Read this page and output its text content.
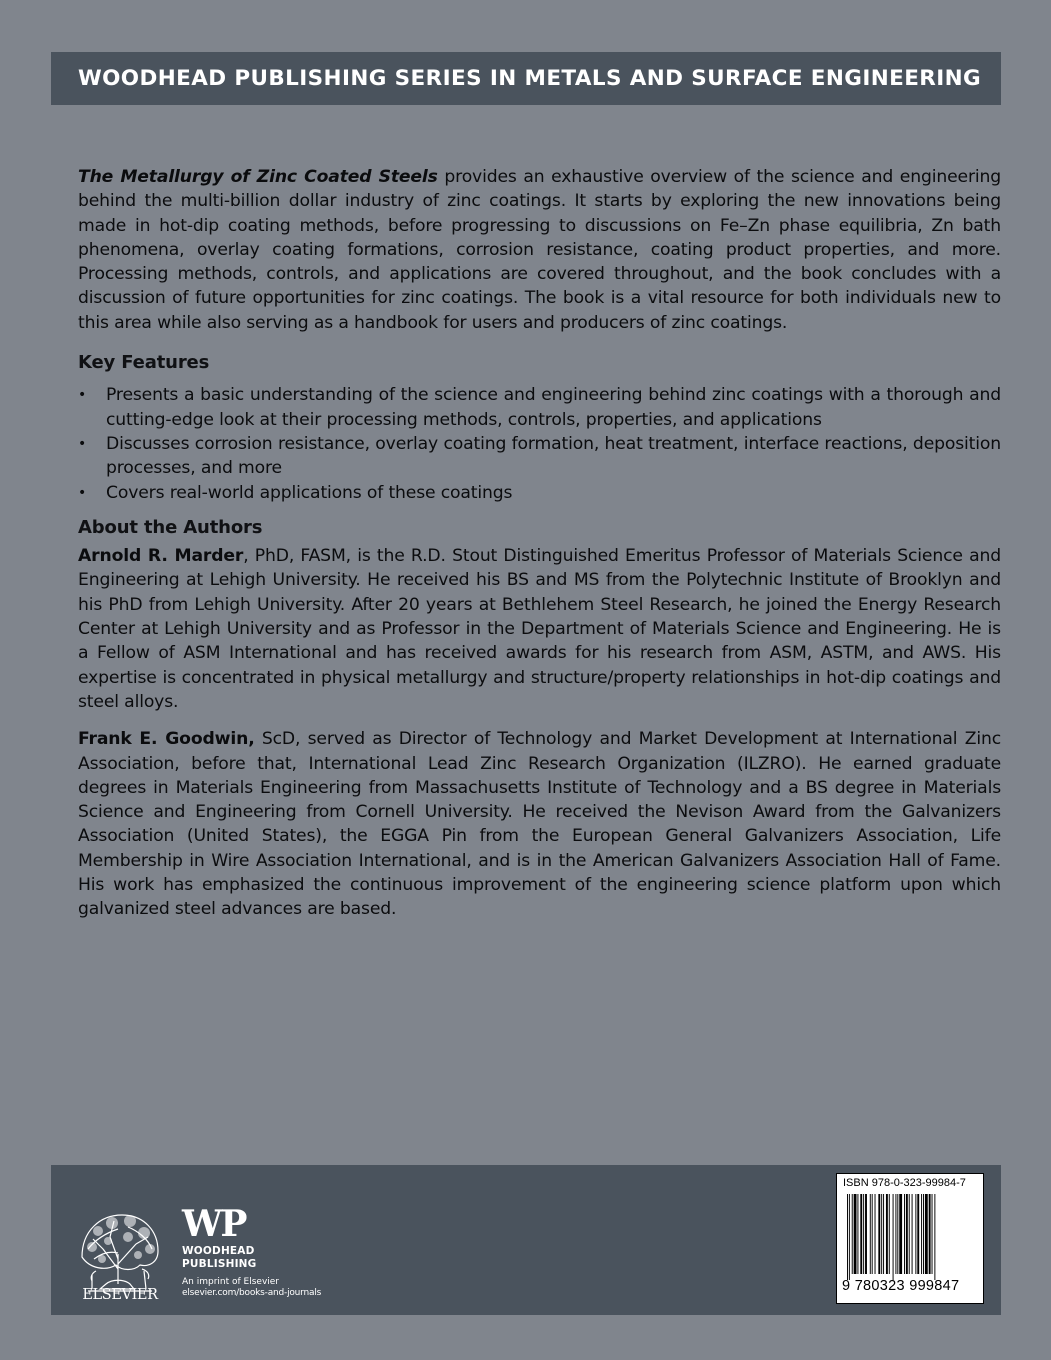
WOODHEAD PUBLISHING SERIES IN METALS AND SURFACE ENGINEERING

The Metallurgy of Zinc Coated Steels provides an exhaustive overview of the science and engineering behind the multi-billion dollar industry of zinc coatings. It starts by exploring the new innovations being made in hot-dip coating methods, before progressing to discussions on Fe–Zn phase equilibria, Zn bath phenomena, overlay coating formations, corrosion resistance, coating product properties, and more. Processing methods, controls, and applications are covered throughout, and the book concludes with a discussion of future opportunities for zinc coatings. The book is a vital resource for both individuals new to this area while also serving as a handbook for users and producers of zinc coatings.

Key Features
• Presents a basic understanding of the science and engineering behind zinc coatings with a thorough and cutting-edge look at their processing methods, controls, properties, and applications
• Discusses corrosion resistance, overlay coating formation, heat treatment, interface reactions, deposition processes, and more
• Covers real-world applications of these coatings
About the Authors

Arnold R. Marder, PhD, FASM, is the R.D. Stout Distinguished Emeritus Professor of Materials Science and Engineering at Lehigh University. He received his BS and MS from the Polytechnic Institute of Brooklyn and his PhD from Lehigh University. After 20 years at Bethlehem Steel Research, he joined the Energy Research Center at Lehigh University and as Professor in the Department of Materials Science and Engineering. He is a Fellow of ASM International and has received awards for his research from ASM, ASTM, and AWS. His expertise is concentrated in physical metallurgy and structure/property relationships in hot-dip coatings and steel alloys.

Frank E. Goodwin, ScD, served as Director of Technology and Market Development at International Zinc Association, before that, International Lead Zinc Research Organization (ILZRO). He earned graduate degrees in Materials Engineering from Massachusetts Institute of Technology and a BS degree in Materials Science and Engineering from Cornell University. He received the Nevison Award from the Galvanizers Association (United States), the EGGA Pin from the European General Galvanizers Association, Life Membership in Wire Association International, and is in the American Galvanizers Association Hall of Fame. His work has emphasized the continuous improvement of the engineering science platform upon which galvanized steel advances are based.

ELSEVIER
WP
WOODHEAD
PUBLISHING
An imprint of Elsevier
elsevier.com/books-and-journals
ISBN 978-0-323-99984-7
9 780323 999847
